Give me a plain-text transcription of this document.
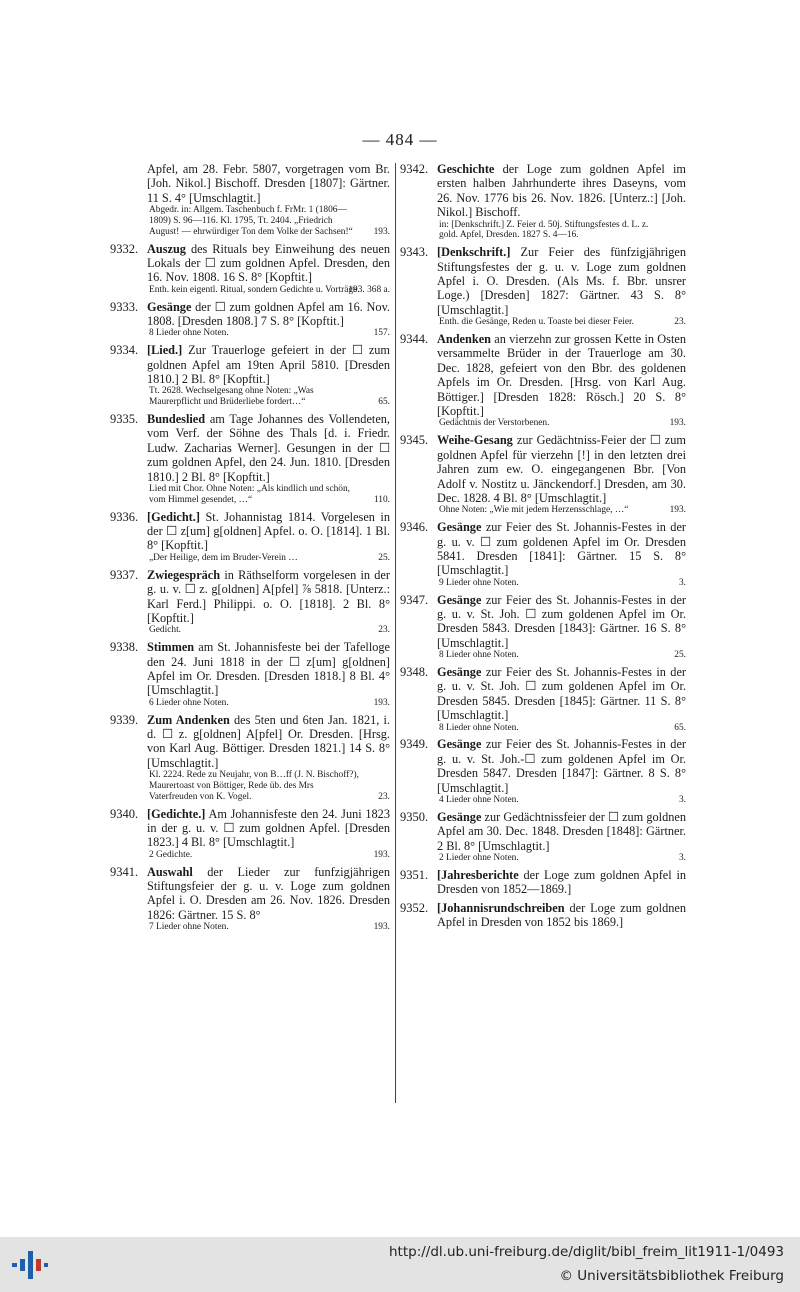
— 484 —
Apfel, am 28. Febr. 5807, vorgetragen vom Br. [Joh. Nikol.] Bischoff. Dresden [1807]: Gärtner. 11 S. 4° [Umschlagtit.]
Abgedr. in: Allgem. Taschenbuch f. FrMr. 1 (1806—1809) S. 96—116. Kl. 1795, Tt. 2404. „Friedrich August! — ehrwürdiger Ton dem Volke der Sachsen!“ 193.
9332. Auszug des Rituals bey Einweihung des neuen Lokals der ☐ zum goldnen Apfel. Dresden, den 16. Nov. 1808. 16 S. 8° [Kopftit.]
Enth. kein eigentl. Ritual, sondern Gedichte u. Vorträge.
193. 368 a.
9333. Gesänge der ☐ zum goldnen Apfel am 16. Nov. 1808. [Dresden 1808.] 7 S. 8° [Kopftit.]
8 Lieder ohne Noten.	157.
9334. [Lied.] Zur Trauerloge gefeiert in der ☐ zum goldnen Apfel am 19ten April 5810. [Dresden 1810.] 2 Bl. 8° [Kopftit.]
Tt. 2628. Wechselgesang ohne Noten: „Was Maurerpflicht und Brüderliebe fordert…“	65.
9335. Bundeslied am Tage Johannes des Vollendeten, vom Verf. der Söhne des Thals [d. i. Friedr. Ludw. Zacharias Werner]. Gesungen in der ☐ zum goldnen Apfel, den 24. Jun. 1810. [Dresden 1810.] 2 Bl. 8° [Kopftit.]
Lied mit Chor. Ohne Noten: „Als kindlich und schön, vom Himmel gesendet, …“	110.
9336. [Gedicht.] St. Johannistag 1814. Vorgelesen in der ☐ z[um] g[oldnen] Apfel. o. O. [1814]. 1 Bl. 8° [Kopftit.]
„Der Heilige, dem im Bruder-Verein …	25.
9337. Zwiegespräch in Räthselform vorgelesen in der g. u. v. ☐ z. g[oldnen] A[pfel] ⅞ 5818. [Unterz.: Karl Ferd.] Philippi. o. O. [1818]. 2 Bl. 8° [Kopftit.]
Gedicht.	23.
9338. Stimmen am St. Johannisfeste bei der Tafelloge den 24. Juni 1818 in der ☐ z[um] g[oldnen] Apfel im Or. Dresden. [Dresden 1818.] 8 Bl. 4° [Umschlagtit.]
6 Lieder ohne Noten.	193.
9339. Zum Andenken des 5ten und 6ten Jan. 1821, i. d. ☐ z. g[oldnen] A[pfel] Or. Dresden. [Hrsg. von Karl Aug. Böttiger. Dresden 1821.] 14 S. 8° [Umschlagtit.]
Kl. 2224. Rede zu Neujahr, von B…ff (J. N. Bischoff?), Maurertoast von Böttiger, Rede üb. des Mrs Vaterfreuden von K. Vogel.	23.
9340. [Gedichte.] Am Johannisfeste den 24. Juni 1823 in der g. u. v. ☐ zum goldnen Apfel. [Dresden 1823.] 4 Bl. 8° [Umschlagtit.]
2 Gedichte.	193.
9341. Auswahl der Lieder zur funfzigjährigen Stiftungsfeier der g. u. v. Loge zum goldnen Apfel i. O. Dresden am 26. Nov. 1826. Dresden 1826: Gärtner. 15 S. 8°
7 Lieder ohne Noten.	193.
9342. Geschichte der Loge zum goldnen Apfel im ersten halben Jahrhunderte ihres Daseyns, vom 26. Nov. 1776 bis 26. Nov. 1826. [Unterz.:] [Joh. Nikol.] Bischoff.
in: [Denkschrift.] Z. Feier d. 50j. Stiftungsfestes d. L. z. gold. Apfel, Dresden. 1827 S. 4—16.
9343. [Denkschrift.] Zur Feier des fünfzigjährigen Stiftungsfestes der g. u. v. Loge zum goldnen Apfel i. O. Dresden. (Als Ms. f. Bbr. unsrer Loge.) [Dresden] 1827: Gärtner. 43 S. 8° [Umschlagtit.]
Enth. die Gesänge, Reden u. Toaste bei dieser Feier.	23.
9344. Andenken an vierzehn zur grossen Kette in Osten versammelte Brüder in der Trauerloge am 30. Dec. 1828, gefeiert von den Bbr. des goldenen Apfels im Or. Dresden. [Hrsg. von Karl Aug. Böttiger.] [Dresden 1828: Rösch.] 20 S. 8° [Kopftit.]
Gedächtnis der Verstorbenen.	193.
9345. Weihe-Gesang zur Gedächtniss-Feier der ☐ zum goldnen Apfel für vierzehn [!] in den letzten drei Jahren zum ew. O. eingegangenen Bbr. [Von Adolf v. Nostitz u. Jänckendorf.] Dresden, am 30. Dec. 1828. 4 Bl. 8° [Umschlagtit.]
Ohne Noten: „Wie mit jedem Herzensschlage, …“	193.
9346. Gesänge zur Feier des St. Johannis-Festes in der g. u. v. ☐ zum goldenen Apfel im Or. Dresden 5841. Dresden [1841]: Gärtner. 15 S. 8° [Umschlagtit.]
9 Lieder ohne Noten.	3.
9347. Gesänge zur Feier des St. Johannis-Festes in der g. u. v. St. Joh. ☐ zum goldenen Apfel im Or. Dresden 5843. Dresden [1843]: Gärtner. 16 S. 8° [Umschlagtit.]
8 Lieder ohne Noten.	25.
9348. Gesänge zur Feier des St. Johannis-Festes in der g. u. v. St. Joh. ☐ zum goldenen Apfel im Or. Dresden 5845. Dresden [1845]: Gärtner. 11 S. 8° [Umschlagtit.]
8 Lieder ohne Noten.	65.
9349. Gesänge zur Feier des St. Johannis-Festes in der g. u. v. St. Joh.-☐ zum goldenen Apfel im Or. Dresden 5847. Dresden [1847]: Gärtner. 8 S. 8° [Umschlagtit.]
4 Lieder ohne Noten.	3.
9350. Gesänge zur Gedächtnissfeier der ☐ zum goldnen Apfel am 30. Dec. 1848. Dresden [1848]: Gärtner. 2 Bl. 8° [Umschlagtit.]
2 Lieder ohne Noten.	3.
9351. [Jahresberichte der Loge zum goldnen Apfel in Dresden von 1852—1869.]
9352. [Johannisrundschreiben der Loge zum goldnen Apfel in Dresden von 1852 bis 1869.]
http://dl.ub.uni-freiburg.de/diglit/bibl_freim_lit1911-1/0493
© Universitätsbibliothek Freiburg
